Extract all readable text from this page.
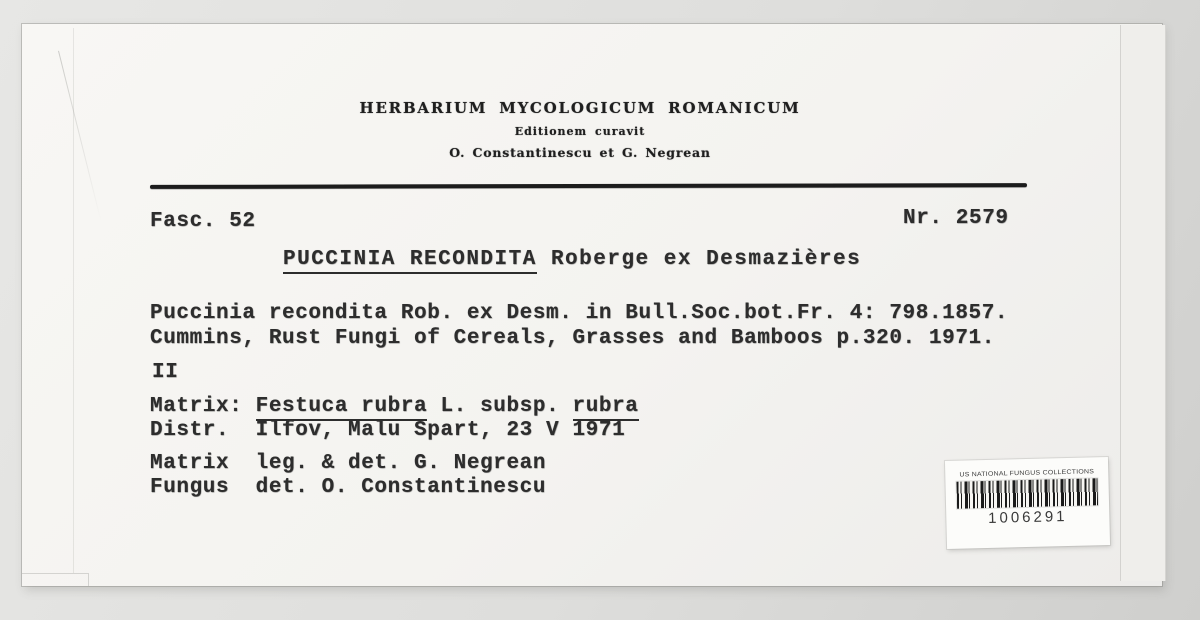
HERBARIUM MYCOLOGICUM ROMANICUM
Editionem curavit
O. Constantinescu et G. Negrean
Fasc. 52	Nr. 2579
PUCCINIA RECONDITA Roberge ex Desmazières
Puccinia recondita Rob. ex Desm. in Bull.Soc.bot.Fr. 4: 798.1857.
Cummins, Rust Fungi of Cereals, Grasses and Bamboos p.320. 1971.
II
Matrix: Festuca rubra L. subsp. rubra
Distr.  Ilfov, Malu Spart, 23 V 1971
Matrix  leg. & det. G. Negrean
Fungus  det. O. Constantinescu
US NATIONAL FUNGUS COLLECTIONS
1006291
